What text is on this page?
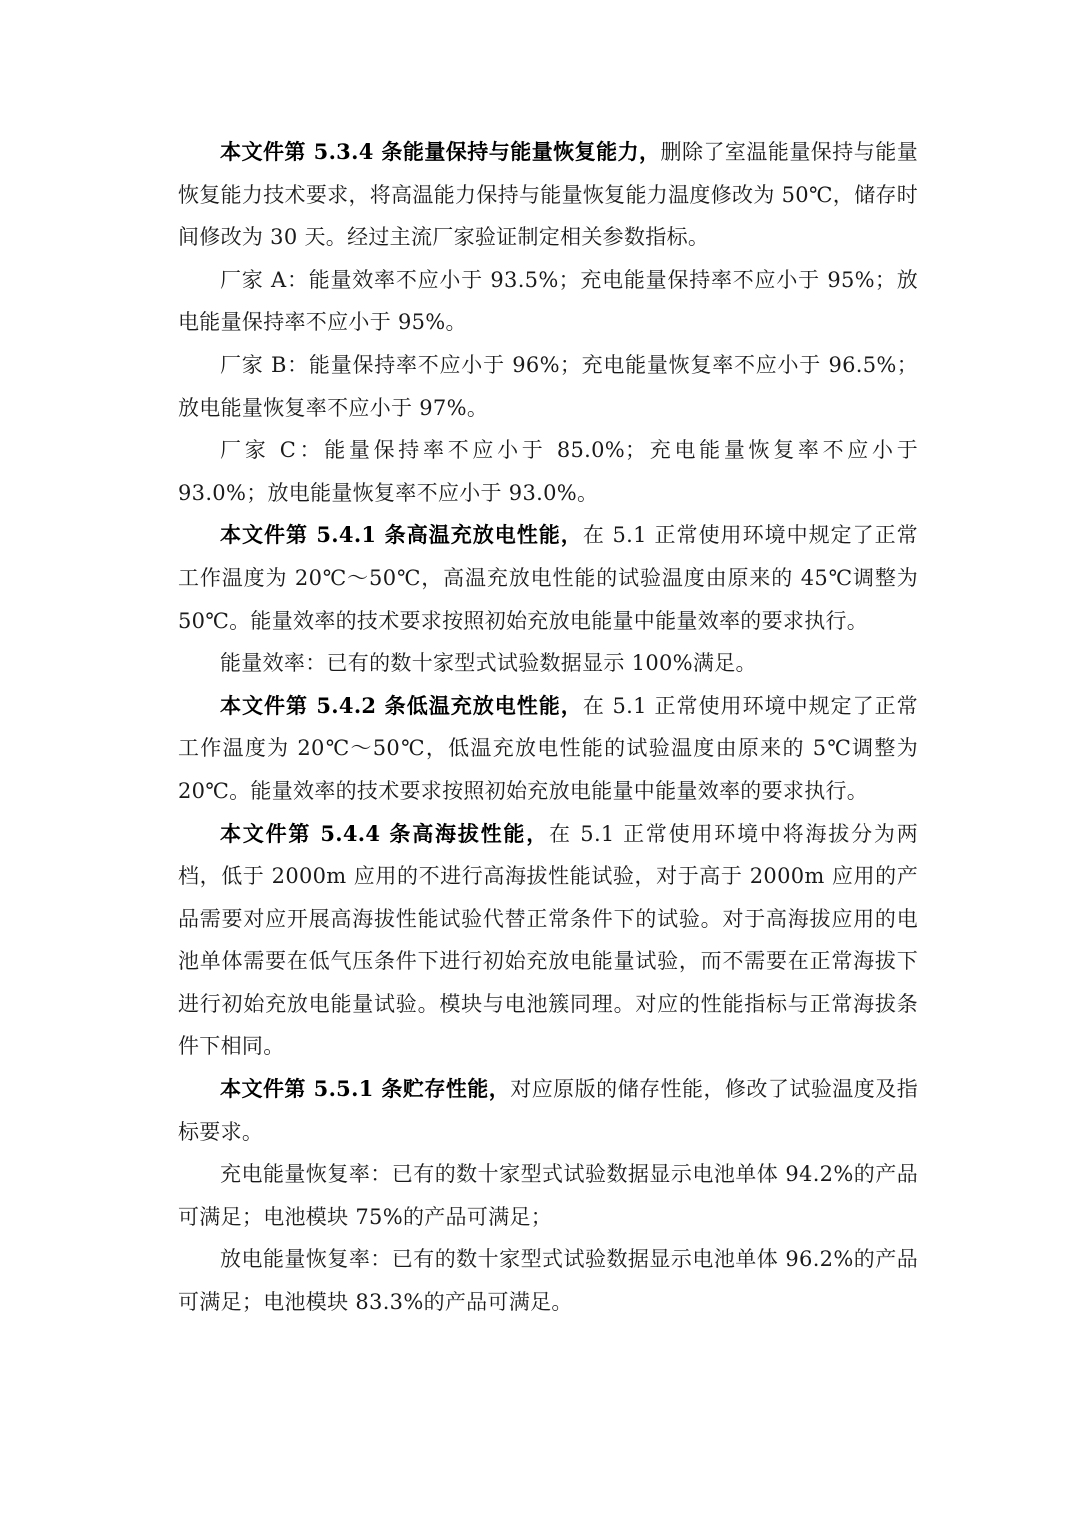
本文件第 5.3.4 条能量保持与能量恢复能力，删除了室温能量保持与能量恢复能力技术要求，将高温能力保持与能量恢复能力温度修改为 50℃，储存时间修改为 30 天。经过主流厂家验证制定相关参数指标。

厂家 A：能量效率不应小于 93.5%；充电能量保持率不应小于 95%；放电能量保持率不应小于 95%。

厂家 B：能量保持率不应小于 96%；充电能量恢复率不应小于 96.5%；放电能量恢复率不应小于 97%。

厂家 C：能量保持率不应小于 85.0%；充电能量恢复率不应小于 93.0%；放电能量恢复率不应小于 93.0%。

本文件第 5.4.1 条高温充放电性能，在 5.1 正常使用环境中规定了正常工作温度为 20℃～50℃，高温充放电性能的试验温度由原来的 45℃调整为 50℃。能量效率的技术要求按照初始充放电能量中能量效率的要求执行。

能量效率：已有的数十家型式试验数据显示 100%满足。

本文件第 5.4.2 条低温充放电性能，在 5.1 正常使用环境中规定了正常工作温度为 20℃～50℃，低温充放电性能的试验温度由原来的 5℃调整为 20℃。能量效率的技术要求按照初始充放电能量中能量效率的要求执行。

本文件第 5.4.4 条高海拔性能，在 5.1 正常使用环境中将海拔分为两档，低于 2000m 应用的不进行高海拔性能试验，对于高于 2000m 应用的产品需要对应开展高海拔性能试验代替正常条件下的试验。对于高海拔应用的电池单体需要在低气压条件下进行初始充放电能量试验，而不需要在正常海拔下进行初始充放电能量试验。模块与电池簇同理。对应的性能指标与正常海拔条件下相同。

本文件第 5.5.1 条贮存性能，对应原版的储存性能，修改了试验温度及指标要求。

充电能量恢复率：已有的数十家型式试验数据显示电池单体 94.2%的产品可满足；电池模块 75%的产品可满足；

放电能量恢复率：已有的数十家型式试验数据显示电池单体 96.2%的产品可满足；电池模块 83.3%的产品可满足。
